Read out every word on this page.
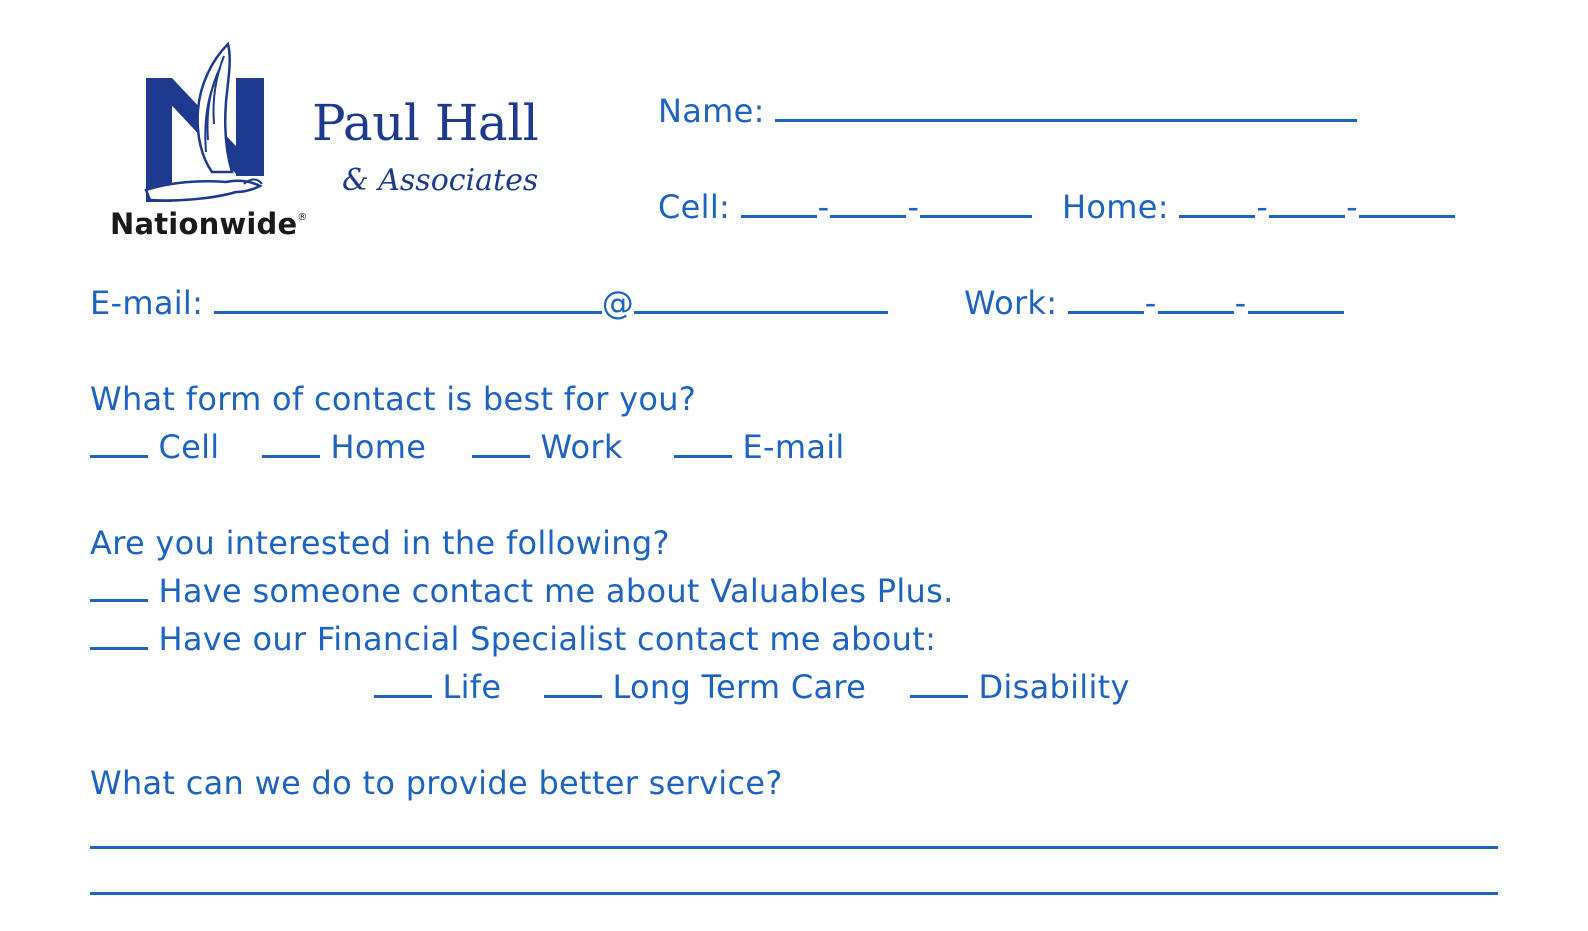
Nationwide®
Paul Hall
& Associates
Name:
Cell:	- -	Home:	- -
E-mail:	@	Work:	- -
What form of contact is best for you?
Cell	Home	Work	E-mail
Are you interested in the following?
Have someone contact me about Valuables Plus.
Have our Financial Specialist contact me about:
Life	Long Term Care	Disability
What can we do to provide better service?
